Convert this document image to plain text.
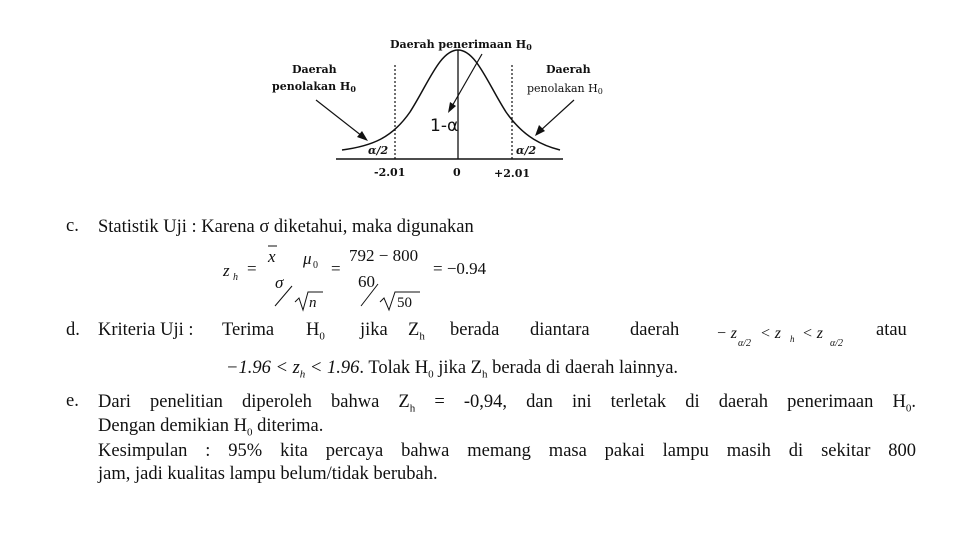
Daerah penerimaan H0
Daerah
penolakan H0
Daerah
penolakan H0
1-α
α/2	α/2
-2.01	0	+2.01
c. Statistik Uji : Karena σ diketahui, maka digunakan
z h =
x μ 0
σ
n
=
792 − 800
60
50
= −0.94
d. Kriteria Uji : Terima $H_0$ jika $Z_h$ berada diantara daerah	atau
− z
α/2
< z h < z
α/2
$-1.96 < z_h < 1.96$. Tolak $H_0$ jika $Z_h$ berada di daerah lainnya.
e. Dari penelitian diperoleh bahwa $Z_h = -0,94$, dan ini terletak di daerah penerimaan $H_0$.
Dengan demikian $H_0$ diterima.
Kesimpulan : 95% kita percaya bahwa memang masa pakai lampu masih di sekitar 800
jam, jadi kualitas lampu belum/tidak berubah.
